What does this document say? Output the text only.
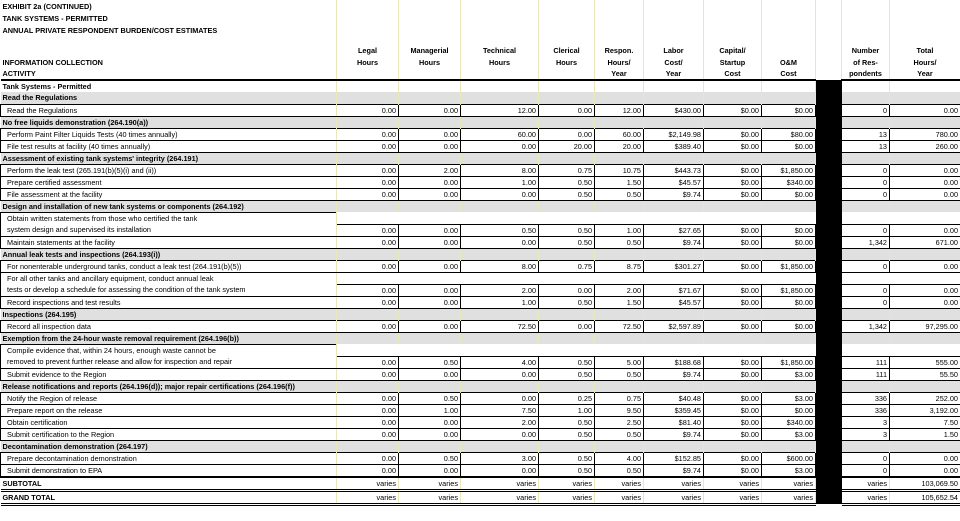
EXHIBIT 2a (CONTINUED)											
TANK SYSTEMS - PERMITTED											
ANNUAL PRIVATE RESPONDENT BURDEN/COST ESTIMATES											

	Legal	Managerial	Technical	Clerical	Respon.	Labor	Capital/			Number	Total
INFORMATION COLLECTION	Hours	Hours	Hours	Hours	Hours/	Cost/	Startup	O&M		of Res-	Hours/
ACTIVITY					Year	Year	Cost	Cost		pondents	Year
Tank Systems - Permitted											
Read the Regulations											
Read the Regulations	0.00	0.00	12.00	0.00	12.00	$430.00	$0.00	$0.00		0	0.00
No free liquids demonstration (264.190(a))											
Perform Paint Filter Liquids Tests (40 times annually)	0.00	0.00	60.00	0.00	60.00	$2,149.98	$0.00	$80.00		13	780.00
File test results at facility (40 times annually)	0.00	0.00	0.00	20.00	20.00	$389.40	$0.00	$0.00		13	260.00
Assessment of existing tank systems' integrity (264.191)											
Perform the leak test (265.191(b)(5)(i) and (ii))	0.00	2.00	8.00	0.75	10.75	$443.73	$0.00	$1,850.00		0	0.00
Prepare certified assessment	0.00	0.00	1.00	0.50	1.50	$45.57	$0.00	$340.00		0	0.00
File assessment at the facility	0.00	0.00	0.00	0.50	0.50	$9.74	$0.00	$0.00		0	0.00
Design and installation of new tank systems or components (264.192)											
Obtain written statements from those who certified the tank											
system design and supervised its installation	0.00	0.00	0.50	0.50	1.00	$27.65	$0.00	$0.00		0	0.00
Maintain statements at the facility	0.00	0.00	0.00	0.50	0.50	$9.74	$0.00	$0.00		1,342	671.00
Annual leak tests and inspections (264.193(i))											
For nonenterable underground tanks, conduct a leak test (264.191(b)(5))	0.00	0.00	8.00	0.75	8.75	$301.27	$0.00	$1,850.00		0	0.00
For all other tanks and ancillary equipment, conduct annual leak											
tests or develop a schedule for assessing the condition of the tank system	0.00	0.00	2.00	0.00	2.00	$71.67	$0.00	$1,850.00		0	0.00
Record inspections and test results	0.00	0.00	1.00	0.50	1.50	$45.57	$0.00	$0.00		0	0.00
Inspections (264.195)											
Record all inspection data	0.00	0.00	72.50	0.00	72.50	$2,597.89	$0.00	$0.00		1,342	97,295.00
Exemption from the 24-hour waste removal requirement (264.196(b))											
Compile evidence that, within 24 hours, enough waste cannot be											
removed to prevent further release and allow for inspection and repair	0.00	0.50	4.00	0.50	5.00	$188.68	$0.00	$1,850.00		111	555.00
Submit evidence to the Region	0.00	0.00	0.00	0.50	0.50	$9.74	$0.00	$3.00		111	55.50
Release notifications and reports (264.196(d)); major repair certifications (264.196(f))											
Notify the Region of release	0.00	0.50	0.00	0.25	0.75	$40.48	$0.00	$3.00		336	252.00
Prepare report on the release	0.00	1.00	7.50	1.00	9.50	$359.45	$0.00	$0.00		336	3,192.00
Obtain certification	0.00	0.00	2.00	0.50	2.50	$81.40	$0.00	$340.00		3	7.50
Submit certification to the Region	0.00	0.00	0.00	0.50	0.50	$9.74	$0.00	$3.00		3	1.50
Decontamination demonstration (264.197)											
Prepare decontamination demonstration	0.00	0.50	3.00	0.50	4.00	$152.85	$0.00	$600.00		0	0.00
Submit demonstration to EPA	0.00	0.00	0.00	0.50	0.50	$9.74	$0.00	$3.00		0	0.00
SUBTOTAL	varies	varies	varies	varies	varies	varies	varies	varies		varies	103,069.50
GRAND TOTAL	varies	varies	varies	varies	varies	varies	varies	varies		varies	105,652.54
